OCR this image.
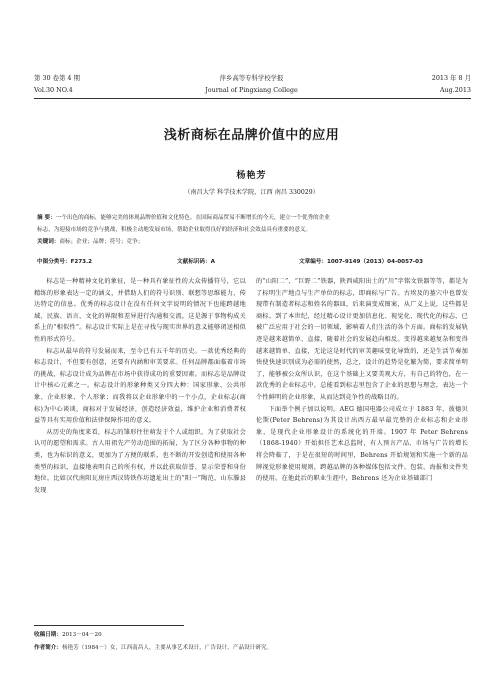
第 30 卷第 4 期
Vol.30 NO.4
萍乡高等专科学校学报
Journal of Pingxiang College
2013 年 8 月
Aug.2013
浅析商标在品牌价值中的应用
杨艳芳
（南昌大学 科学技术学院，江西 南昌 330029）
摘 要：一个出色的商标，能够完美的体现品牌价值和文化特色。在国际商品贸易不断增长的今天，建立一个优秀的企业
标志，为迎接市场的竞争与挑战，积极主动地发展市场，帮助企业取得良好的经济和社会效益具有重要的意义。
关键词：商标；企业；品牌；符号；竞争；
中图分类号：F273.2	文献标识码：A	文章编号：1007-9149（2013）04-0057-03

标志是一种精神文化的象征，是一种具有象征性的大众传播符号，它以精练的形象表达一定的涵义，并借助人们的符号识别、联想等思维能力，传达特定的信息。优秀的标志设计在没有任何文字说明的情况下也能跨越地域、民族、语言、文化的界限和差异进行沟通和交流。这是源于事物构成关系上的“相似性”。标志设计实际上是在寻找与现实世界的意义能够闭送相似性的形式符号。

标志从最早的符号发展而来，至今已有五千年的历史。一款优秀经典的标志设计，不但要有创意，还要有内涵和审美要求。任何品牌都面临着市场的挑战，标志设计成为品牌在市场中获得成功的重要因素。而标志是品牌设计中核心元素之一。标志设计的形象种类又分四大种：国家形象、公共形象、企业形象、个人形象；而我将以企业形象中的一个小点，企业标志(商标)为中心谈谈，商标对于发展经济，创造经济效益，维护企业和消费者权益等具有实用价值和法律保障作用的意义。

从历史的角度来看，标志的雏形往往萌发于个人或组织，为了获取社会认可的愿望和需求。古人用祖先产劳动范围的拓展，为了区分各种事物的种类，也为标识的意义，更加为了方便的联系，也不断的开发创造和使用各种类型的标识，直接地表明自己的所有权，并以此获取信誉、显示荣誉和身份地位。比如汉代南阳瓦房庄西汉铸铁作坊遗址出土的“阳一”陶范，山东滕县发现

的“山阳二”、“巨野二”铁器，陕西咸阳出土的“川”字铭文铁器等等，都是为了标明生产地点与生产单位的标志，即商标与广告。古埃及的墓穴中也曾发现带有制造者标志和姓名的器皿，后来演变成图案，从广义上说，这些都是商标。到了本世纪，经过精心设计更加信息化、视觉化、现代化的标志，已被广泛应用于社会的一切领域，影响着人们生活的各个方面。商标的发展轨迹是越来越简单、直接，随着社会的发展趋向相反。变得越来越复杂和变得越来越简单、直接，无论这是时代的审美趣味变化导致的，还是生活节奏加快使快速识别成为必需的使然，总之，设计的趋势是化繁为简，要求简单明了，能够被公众所认识，在这个基础上又要美观大方，有自己的特色，在一款优秀的企业标志中，总能看到标志里包含了企业的思想与理念，表达一个个性鲜明的企业形象，从而达到竞争性的战略目的。

下面举个例子加以说明。AEG 德国电器公司成立于 1883 年，彼德贝伦斯(Peter Behrens)为其设计出西方最早最完整的企业标志和企业形象，是现代企业形象设计的系统化的开端。1907 年 Peter Behrens（1868-1940）开始担任艺术总监时，有人预言产品、市场与广告的增长将会降临了，于是在很短的时间里，Behrens 开始规划和实施一个新的品牌视觉形象使用规则，跨越品牌的各种媒体包括文件、包装、海报和文件夹的使用。在他此后的职业生涯中，Behrens 还为企业基础部门

收稿日期：2013－04－20
作者简介：杨艳芳（1984－）女，江西南昌人，主要从事艺术设计，广告设计，产品设计研究。
